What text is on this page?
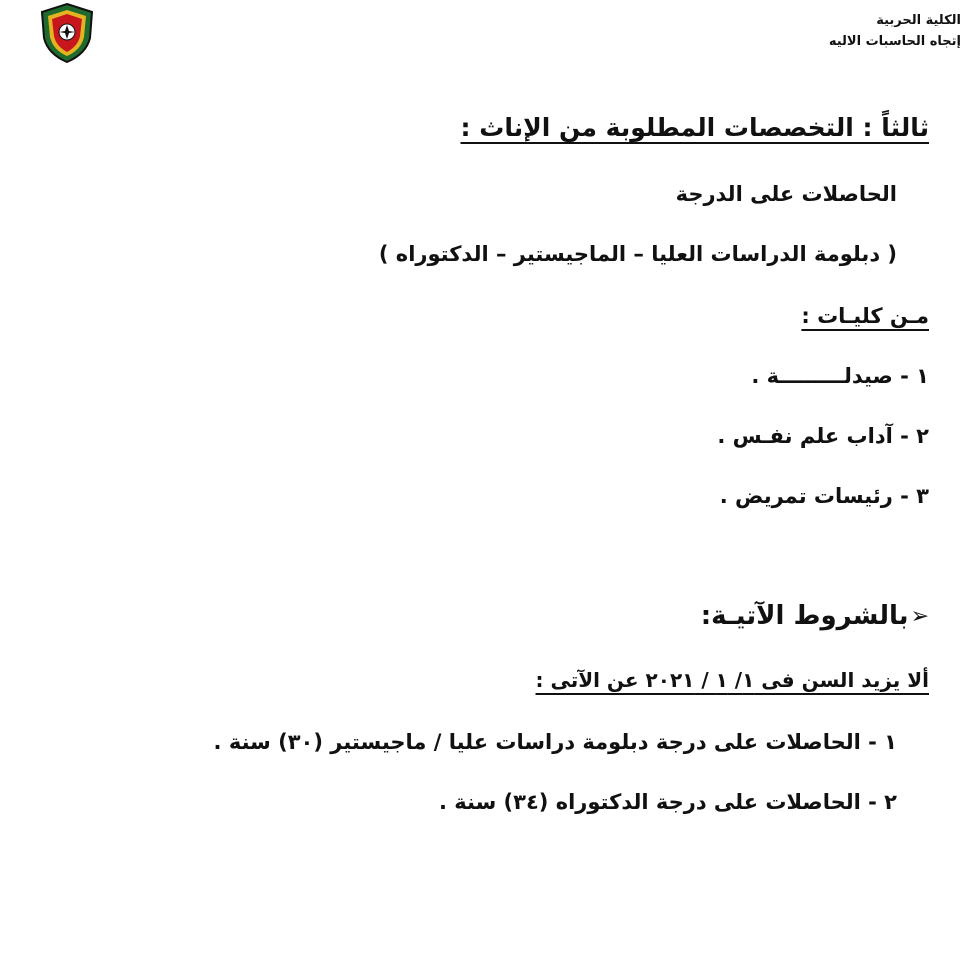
الكلية الحربية
إتجاه الحاسبات الاليه
ثالثاً : التخصصات المطلوبة من الإناث :
الحاصلات على الدرجة
( دبلومة الدراسات العليا – الماجيستير – الدكتوراه )
مـن كليـات :
١ - صيدلـــــــــة .
٢ - آداب علم نفـس .
٣ - رئيسات تمريض .
➢
بالشروط الآتيـة:
ألا يزيد السن فى ١/ ١ / ٢٠٢١ عن الآتى :
١ - الحاصلات على درجة دبلومة دراسات عليا / ماجيستير (٣٠) سنة .
٢ - الحاصلات على درجة الدكتوراه (٣٤) سنة .
